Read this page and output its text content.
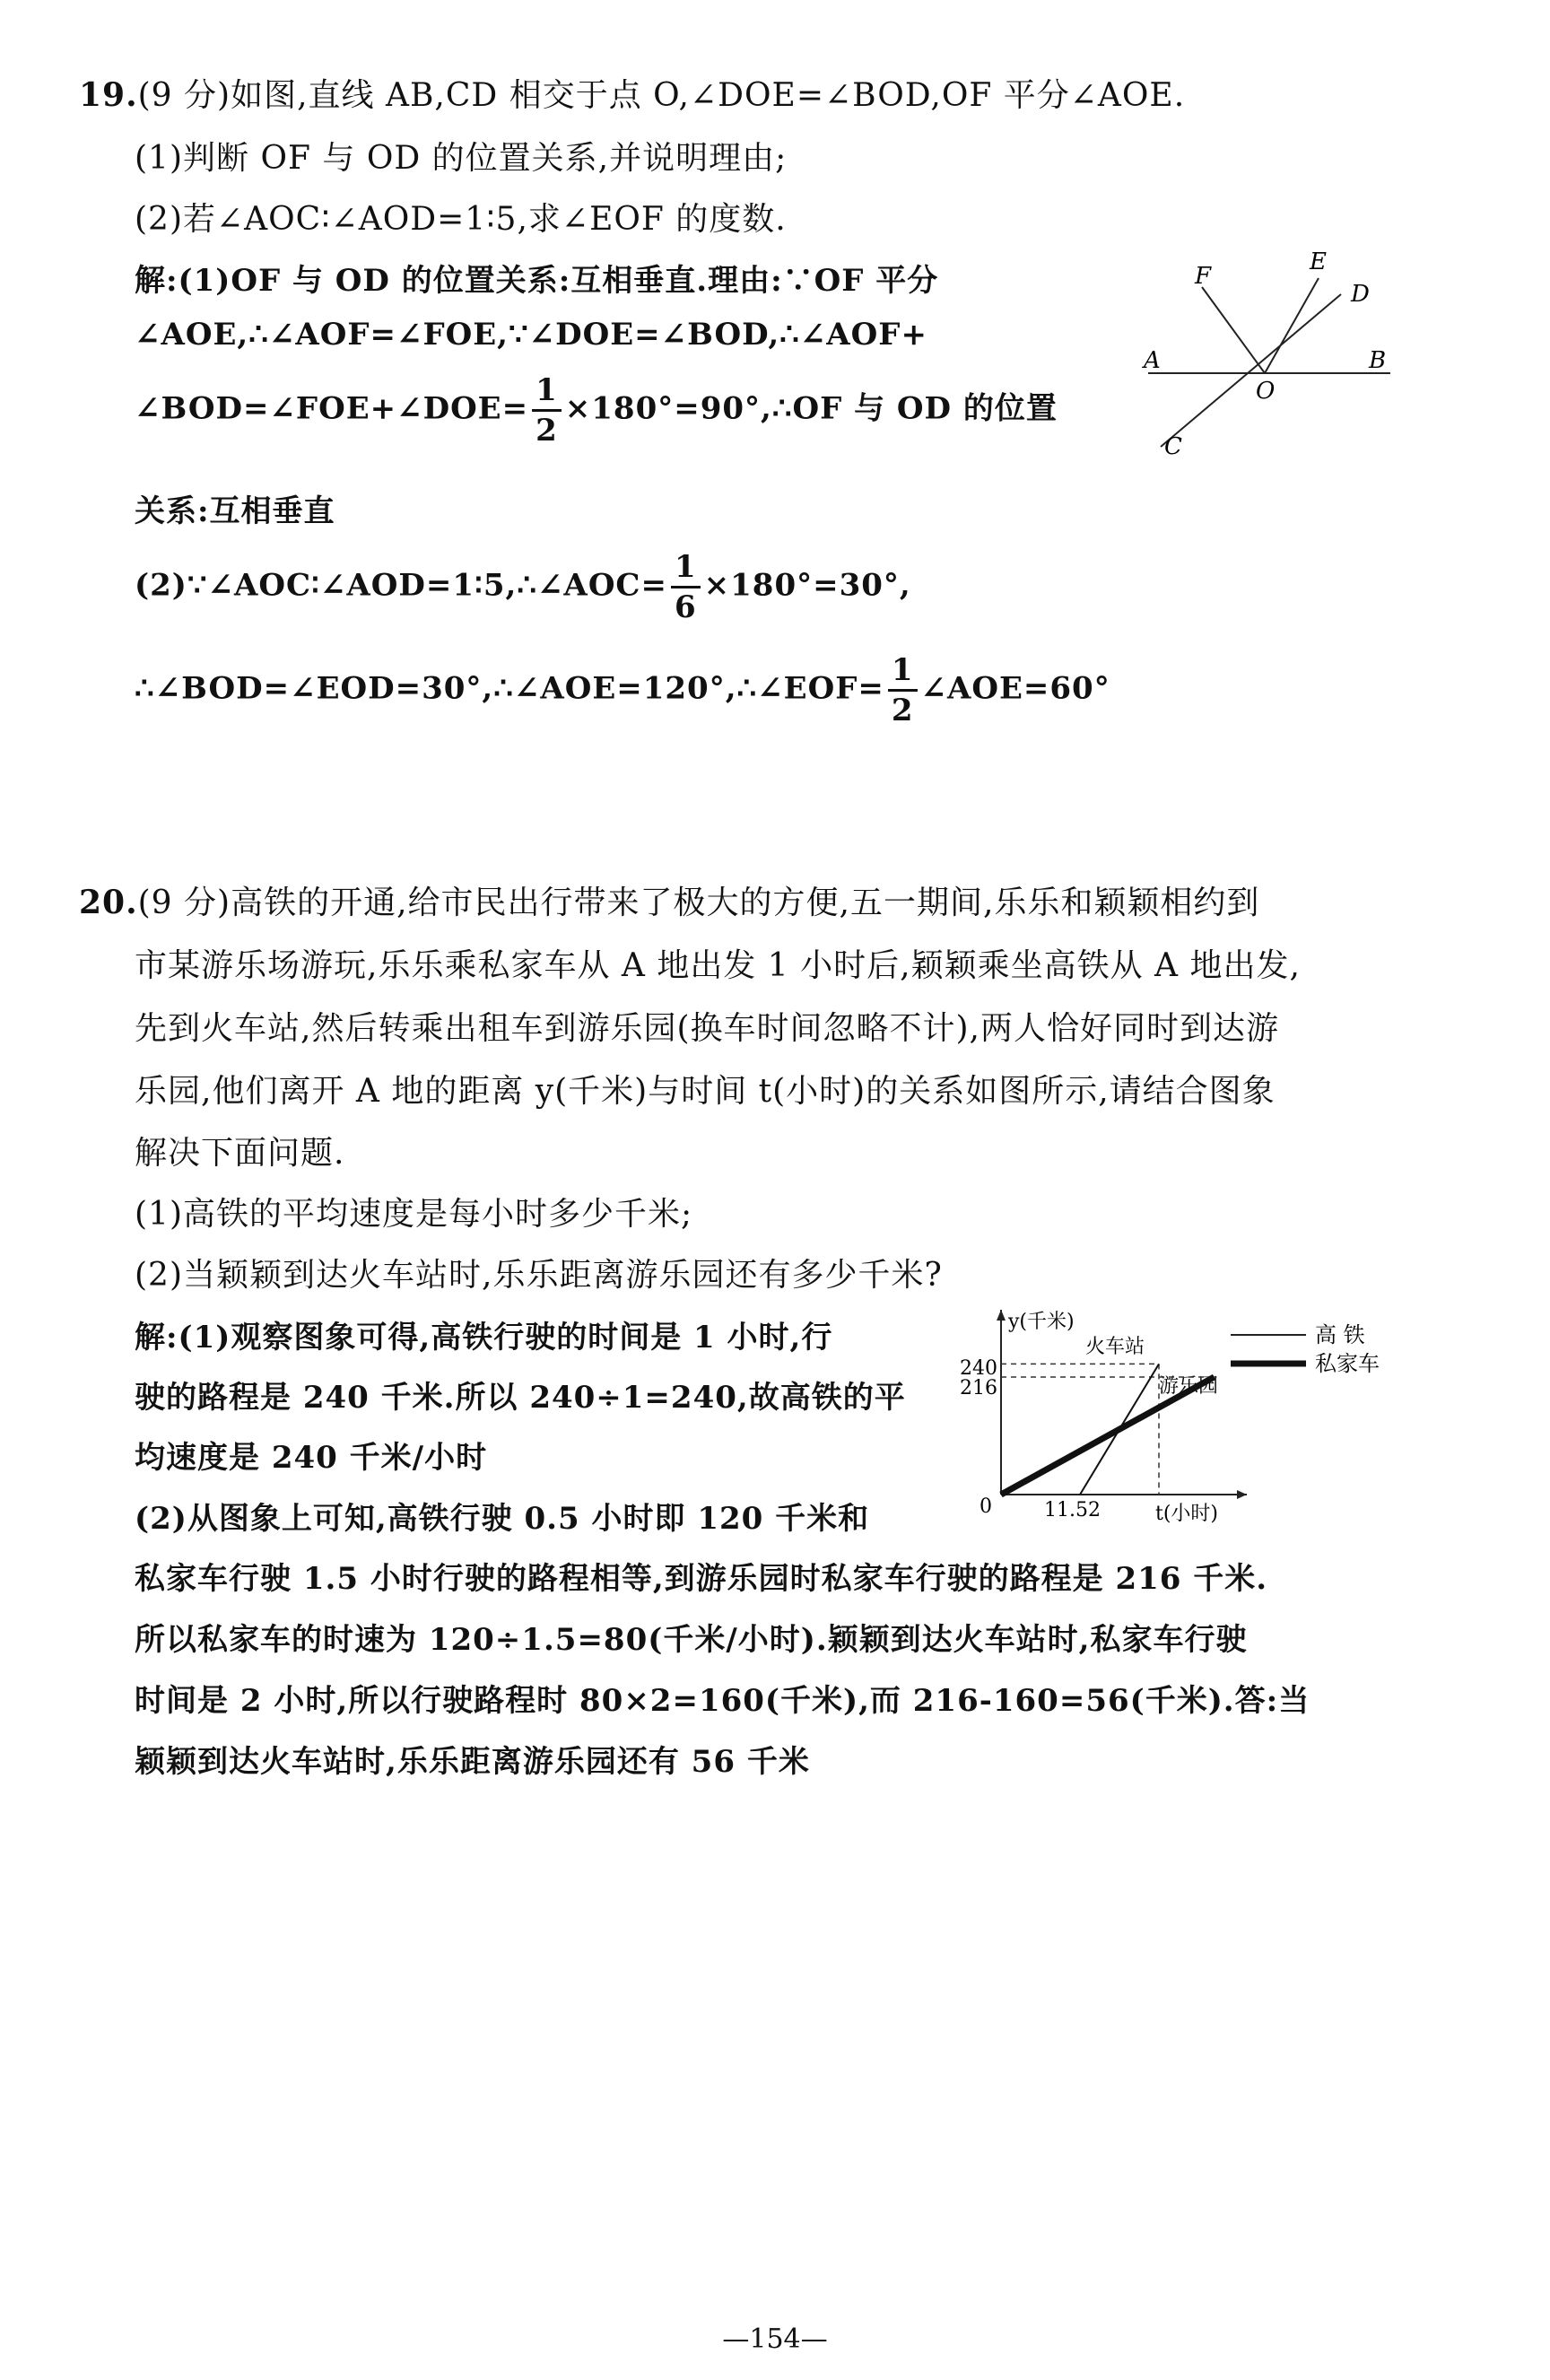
19.(9 分)如图,直线 AB,CD 相交于点 O,∠DOE=∠BOD,OF 平分∠AOE.
(1)判断 OF 与 OD 的位置关系,并说明理由;
(2)若∠AOC∶∠AOD=1∶5,求∠EOF 的度数.
解:(1)OF 与 OD 的位置关系:互相垂直.理由:∵OF 平分
∠AOE,∴∠AOF=∠FOE,∵∠DOE=∠BOD,∴∠AOF+
∠BOD=∠FOE+∠DOE= $\frac{1}{2}$ ×180°=90°,∴OF 与 OD 的位置
关系:互相垂直
(2)∵∠AOC∶∠AOD=1∶5,∴∠AOC= $\frac{1}{6} \times 180^\circ=30^\circ$,
∴∠BOD=∠EOD=30°,∴∠AOE=120°,∴∠EOF= $\frac{1}{2}$ ∠AOE=60°
F
E
D
A	B
O
C
20.(9 分)高铁的开通,给市民出行带来了极大的方便,五一期间,乐乐和颖颖相约到
市某游乐场游玩,乐乐乘私家车从 A 地出发 1 小时后,颖颖乘坐高铁从 A 地出发,
先到火车站,然后转乘出租车到游乐园(换车时间忽略不计),两人恰好同时到达游
乐园,他们离开 A 地的距离 y(千米)与时间 t(小时)的关系如图所示,请结合图象
解决下面问题.
(1)高铁的平均速度是每小时多少千米;
(2)当颖颖到达火车站时,乐乐距离游乐园还有多少千米?
解:(1)观察图象可得,高铁行驶的时间是 1 小时,行
驶的路程是 240 千米.所以 240÷1=240,故高铁的平
均速度是 240 千米/小时
(2)从图象上可知,高铁行驶 0.5 小时即 120 千米和
私家车行驶 1.5 小时行驶的路程相等,到游乐园时私家车行驶的路程是 216 千米.
所以私家车的时速为 120÷1.5=80(千米/小时).颖颖到达火车站时,私家车行驶
时间是 2 小时,所以行驶路程时 80×2=160(千米),而 216-160=56(千米).答:当
颖颖到达火车站时,乐乐距离游乐园还有 56 千米
y(千米)
t(小时)
0	11.52
240
216
火车站
游乐园
高 铁
私家车
—154—
